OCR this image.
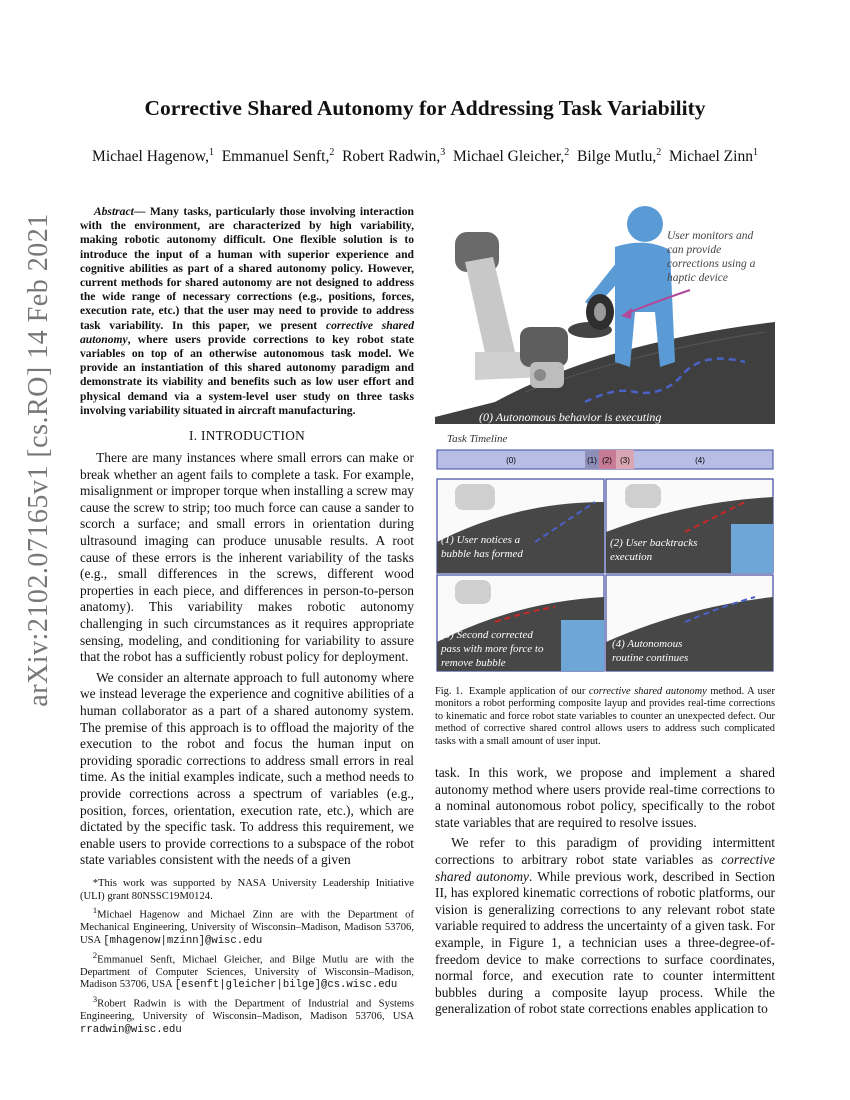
arXiv:2102.07165v1 [cs.RO] 14 Feb 2021
Corrective Shared Autonomy for Addressing Task Variability
Michael Hagenow,$^1$ Emmanuel Senft,$^2$ Robert Radwin,$^3$ Michael Gleicher,$^2$ Bilge Mutlu,$^2$ Michael Zinn$^1$
Abstract— Many tasks, particularly those involving interaction with the environment, are characterized by high variability, making robotic autonomy difficult. One flexible solution is to introduce the input of a human with superior experience and cognitive abilities as part of a shared autonomy policy. However, current methods for shared autonomy are not designed to address the wide range of necessary corrections (e.g., positions, forces, execution rate, etc.) that the user may need to provide to address task variability. In this paper, we present corrective shared autonomy, where users provide corrections to key robot state variables on top of an otherwise autonomous task model. We provide an instantiation of this shared autonomy paradigm and demonstrate its viability and benefits such as low user effort and physical demand via a system-level user study on three tasks involving variability situated in aircraft manufacturing.
I. INTRODUCTION

There are many instances where small errors can make or break whether an agent fails to complete a task. For example, misalignment or improper torque when installing a screw may cause the screw to strip; too much force can cause a sander to scorch a surface; and small errors in orientation during ultrasound imaging can produce unusable results. A root cause of these errors is the inherent variability of the tasks (e.g., small differences in the screws, different wood properties in each piece, and differences in person-to-person anatomy). This variability makes robotic autonomy challenging in such circumstances as it requires appropriate sensing, modeling, and conditioning for variability to assure that the robot has a sufficiently robust policy for deployment.

We consider an alternate approach to full autonomy where we instead leverage the experience and cognitive abilities of a human collaborator as a part of a shared autonomy system. The premise of this approach is to offload the majority of the execution to the robot and focus the human input on providing sporadic corrections to address small errors in real time. As the initial examples indicate, such a method needs to provide corrections across a spectrum of variables (e.g., position, forces, orientation, execution rate, etc.), which are dictated by the specific task. To address this requirement, we enable users to provide corrections to a subspace of the robot state variables consistent with the needs of a given

*This work was supported by NASA University Leadership Initiative (ULI) grant 80NSSC19M0124.

$^1$Michael Hagenow and Michael Zinn are with the Department of Mechanical Engineering, University of Wisconsin–Madison, Madison 53706, USA [mhagenow|mzinn]@wisc.edu

$^2$Emmanuel Senft, Michael Gleicher, and Bilge Mutlu are with the Department of Computer Sciences, University of Wisconsin–Madison, Madison 53706, USA [esenft|gleicher|bilge]@cs.wisc.edu

$^3$Robert Radwin is with the Department of Industrial and Systems Engineering, University of Wisconsin–Madison, Madison 53706, USA rradwin@wisc.edu

User monitors and
can provide
corrections using a
haptic device
(0) Autonomous behavior is executing
Task Timeline
(0)	(1) (2) (3)	(4)
(1) User notices a
bubble has formed
(2) User backtracks
execution
(3) Second corrected
pass with more force to
remove bubble
(4) Autonomous
routine continues
Fig. 1. Example application of our corrective shared autonomy method. A user monitors a robot performing composite layup and provides real-time corrections to kinematic and force robot state variables to counter an unexpected defect. Our method of corrective shared control allows users to address such complicated tasks with a small amount of user input.

task. In this work, we propose and implement a shared autonomy method where users provide real-time corrections to a nominal autonomous robot policy, specifically to the robot state variables that are required to resolve issues.

We refer to this paradigm of providing intermittent corrections to arbitrary robot state variables as corrective shared autonomy. While previous work, described in Section II, has explored kinematic corrections of robotic platforms, our vision is generalizing corrections to any relevant robot state variable required to address the uncertainty of a given task. For example, in Figure 1, a technician uses a three-degree-of-freedom device to make corrections to surface coordinates, normal force, and execution rate to counter intermittent bubbles during a composite layup process. While the generalization of robot state corrections enables application to
